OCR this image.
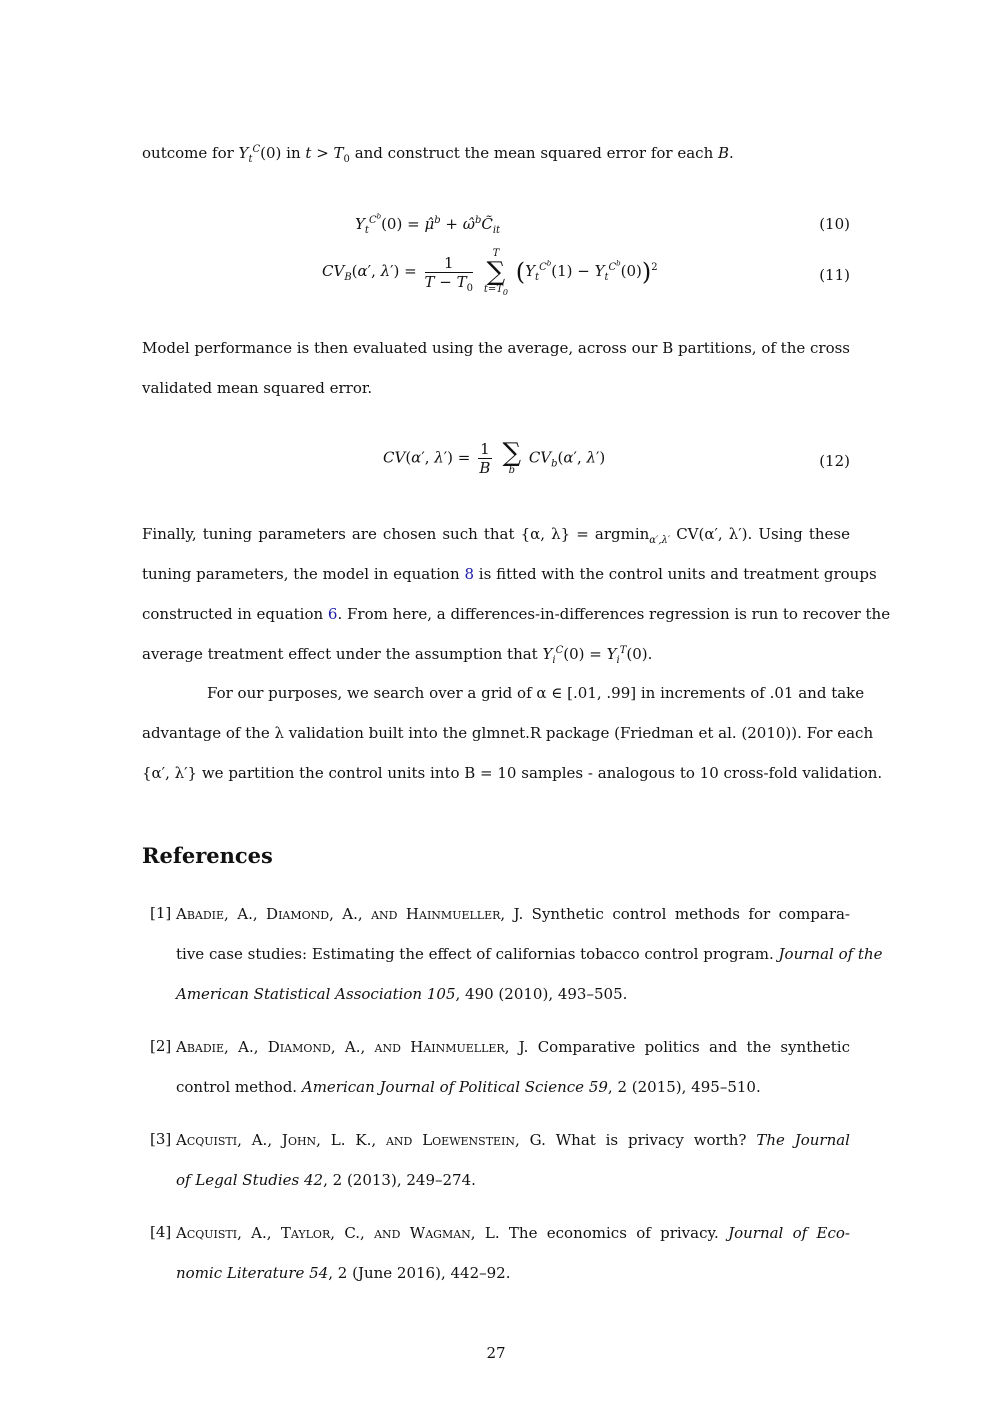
outcome for $Y_t^C(0)$ in $t > T_0$ and construct the mean squared error for each B.
$Y_t^{C^b}(0)$ = μ̂$^b$ + $\omegâ^bC̃_{it}$	(10)
$CV_B(\alpha'$, $\lambda') = \frac{1}{T - T_0}$
	T
∑
$t=T_0$
$(Y_t^{C^b}(1) - Y_t^{C^b}(0))^2$	(11)
Model performance is then evaluated using the average, across our B partitions, of the cross
validated mean squared error.
CV(α′, $\lambda') = \frac{1}{B}$
∑
b
$CV_b(\alpha'$, λ′)	(12)
Finally, tuning parameters are chosen such that {α, λ} = argmin$_{\alpha',\lambda'}$ CV(α′, λ′). Using these
tuning parameters, the model in equation 8 is fitted with the control units and treatment groups
constructed in equation 6. From here, a differences-in-differences regression is run to recover the
average treatment effect under the assumption that $Y_i^C(0) = Y_i^T(0)$.
For our purposes, we search over a grid of α ∈ [.01, .99] in increments of .01 and take
advantage of the λ validation built into the glmnet.R package (Friedman et al. (2010)). For each
{α′, λ′} we partition the control units into B = 10 samples - analogous to 10 cross-fold validation.
References
[1] Abadie, A., Diamond, A., and Hainmueller, J. Synthetic control methods for compara-
tive case studies: Estimating the effect of californias tobacco control program. Journal of the
American Statistical Association 105, 490 (2010), 493–505.
[2] Abadie, A., Diamond, A., and Hainmueller, J. Comparative politics and the synthetic
control method. American Journal of Political Science 59, 2 (2015), 495–510.
[3] Acquisti, A., John, L. K., and Loewenstein, G. What is privacy worth? The Journal
of Legal Studies 42, 2 (2013), 249–274.
[4] Acquisti, A., Taylor, C., and Wagman, L. The economics of privacy. Journal of Eco-
nomic Literature 54, 2 (June 2016), 442–92.
27
